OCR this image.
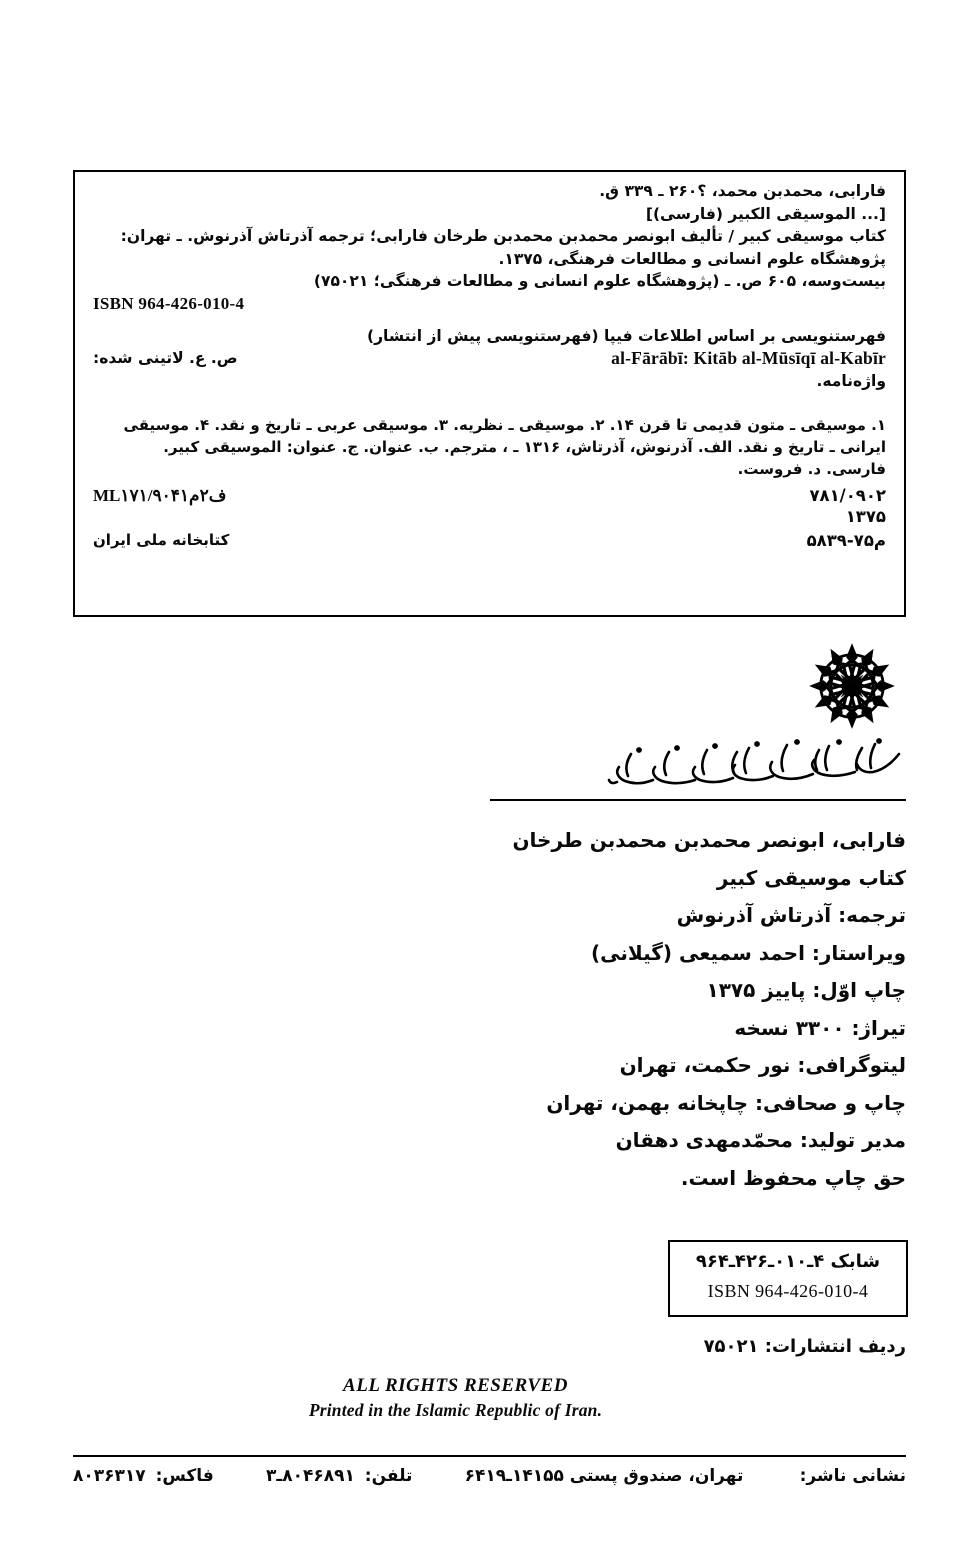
فارابی، محمدبن محمد، ؟۲۶۰ ـ ۳۳۹ ق.
[... الموسیقی الکبیر (فارسی)]
کتاب موسیقی کبیر / تألیف ابونصر محمدبن محمدبن طرخان فارابی؛ ترجمه آذرتاش آذرنوش. ـ تهران:
پژوهشگاه علوم انسانی و مطالعات فرهنگی، ۱۳۷۵.
بیست‌وسه، ۶۰۵ ص. ـ (پژوهشگاه علوم انسانی و مطالعات فرهنگی؛ ۷۵۰۲۱)
ISBN 964-426-010-4
فهرستنویسی بر اساس اطلاعات فیپا (فهرستنویسی پیش از انتشار)
ص. ع. لاتینی شده:	al-Fārābī: Kitāb al-Mūsīqī al-Kabīr
واژه‌نامه.
۱. موسیقی ـ متون قدیمی تا قرن ۱۴. ۲. موسیقی ـ نظریه. ۳. موسیقی عربی ـ تاریخ و نقد. ۴. موسیقی
ایرانی ـ تاریخ و نقد. الف. آذرنوش، آذرتاش، ۱۳۱۶ ـ ، مترجم. ب. عنوان. ج. عنوان: الموسیقی کبیر.
فارسی. د. فروست.
ML۱۷۱/ف۲م۹۰۴۱	۷۸۱/۰۹۰۲
۱۳۷۵
کتابخانه ملی ایران	م۷۵-۵۸۳۹
فارابی، ابونصر محمدبن محمدبن طرخان
کتاب موسیقی کبیر
ترجمه: آذرتاش آذرنوش
ویراستار: احمد سمیعی (گیلانی)
چاپ اوّل: پاییز ۱۳۷۵
تیراژ: ۳۳۰۰ نسخه
لیتوگرافی: نور حکمت، تهران
چاپ و صحافی: چاپخانه بهمن، تهران
مدیر تولید: محمّدمهدی دهقان
حق چاپ محفوظ است.
شابک ۴ـ۰۱۰ـ۴۲۶ـ۹۶۴
ISBN 964-426-010-4
ردیف انتشارات: ۷۵۰۲۱
ALL RIGHTS RESERVED
Printed in the Islamic Republic of Iran.
نشانی ناشر:
تهران، صندوق پستی ۱۴۱۵۵ـ۶۴۱۹
تلفن: ۸۰۴۶۸۹۱ـ۳
فاکس: ۸۰۳۶۳۱۷
